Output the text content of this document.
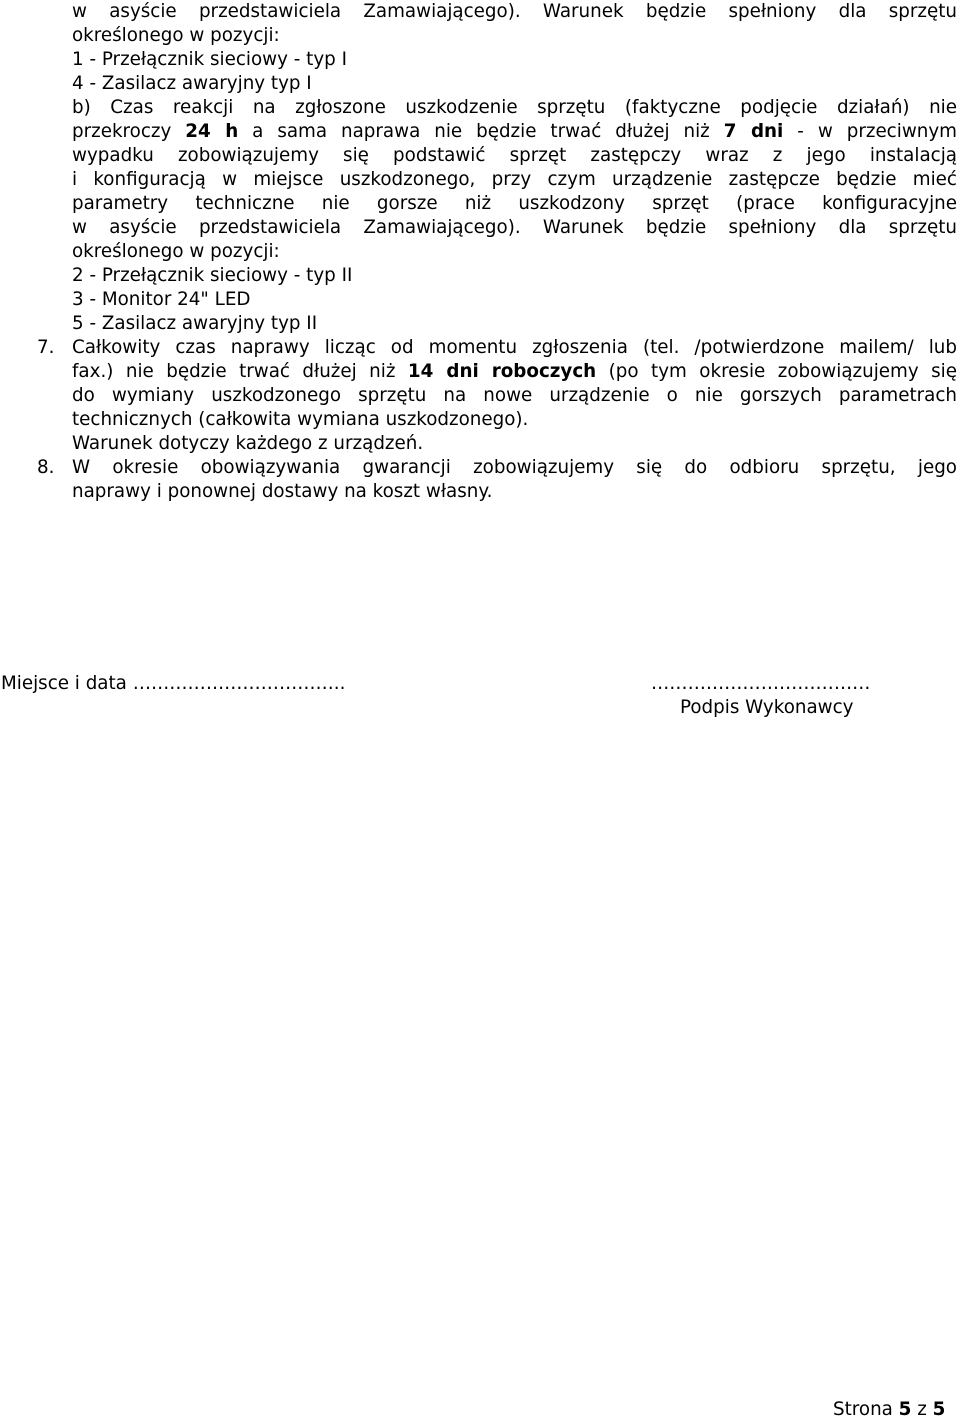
w asyście przedstawiciela Zamawiającego). Warunek będzie spełniony dla sprzętu
określonego w pozycji:
1 - Przełącznik sieciowy - typ I
4 - Zasilacz awaryjny typ I
b) Czas reakcji na zgłoszone uszkodzenie sprzętu (faktyczne podjęcie działań) nie
przekroczy 24 h a sama naprawa nie będzie trwać dłużej niż 7 dni - w przeciwnym
wypadku zobowiązujemy się podstawić sprzęt zastępczy wraz z jego instalacją
i konfiguracją w miejsce uszkodzonego, przy czym urządzenie zastępcze będzie mieć
parametry techniczne nie gorsze niż uszkodzony sprzęt (prace konfiguracyjne
w asyście przedstawiciela Zamawiającego). Warunek będzie spełniony dla sprzętu
określonego w pozycji:
2 - Przełącznik sieciowy - typ II
3 - Monitor 24" LED
5 - Zasilacz awaryjny typ II
7. Całkowity czas naprawy licząc od momentu zgłoszenia (tel. /potwierdzone mailem/ lub
fax.) nie będzie trwać dłużej niż 14 dni roboczych (po tym okresie zobowiązujemy się
do wymiany uszkodzonego sprzętu na nowe urządzenie o nie gorszych parametrach
technicznych (całkowita wymiana uszkodzonego).
Warunek dotyczy każdego z urządzeń.
8. W okresie obowiązywania gwarancji zobowiązujemy się do odbioru sprzętu, jego
naprawy i ponownej dostawy na koszt własny.
Miejsce i data ……………………………..	………………………………
Podpis Wykonawcy
Strona 5 z 5
